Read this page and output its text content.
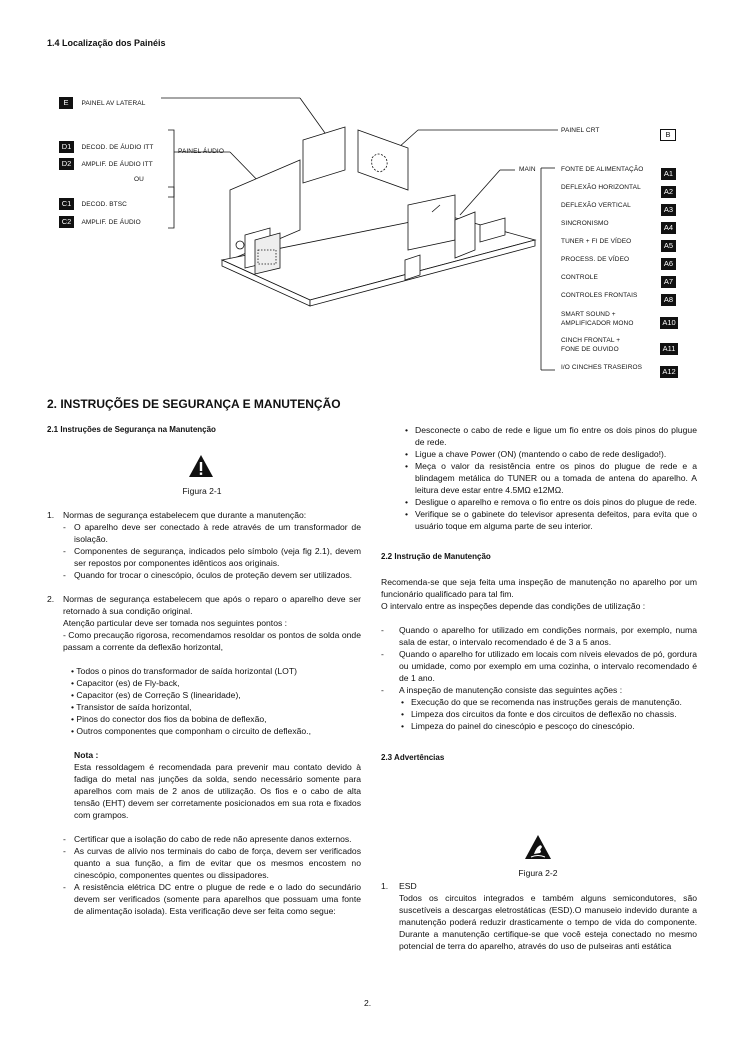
1.4 Localização dos Painéis
E PAINEL AV LATERAL
D1 DECOD. DE ÁUDIO ITT
D2 AMPLIF. DE ÁUDIO ITT
OU
C1 DECOD. BTSC
C2 AMPLIF. DE ÁUDIO
PAINEL ÁUDIO
PAINEL CRT	B
MAIN	FONTE DE ALIMENTAÇÃO	A1
DEFLEXÃO HORIZONTAL	A2
DEFLEXÃO VERTICAL	A3
SINCRONISMO	A4
TUNER + FI DE VÍDEO	A5
PROCESS. DE VÍDEO	A6
CONTROLE	A7
CONTROLES FRONTAIS	A8
SMART SOUND +
AMPLIFICADOR MONO	A10
CINCH FRONTAL +
FONE DE OUVIDO	A11
I/O CINCHES TRASEIROS	A12
2. INSTRUÇÕES DE SEGURANÇA E MANUTENÇÃO
2.1 Instruções de Segurança na Manutenção
Figura 2-1
1.	Normas de segurança estabelecem que durante a manutenção:

- O aparelho deve ser conectado à rede através de um transformador de isolação.
- Componentes de segurança, indicados pelo símbolo (veja fig 2.1), devem ser repostos por componentes idênticos aos originais.
- Quando for trocar o cinescópio, óculos de proteção devem ser utilizados.
2.	Normas de segurança estabelecem que após o reparo o aparelho deve ser retornado à sua condição original.

Atenção particular deve ser tomada nos seguintes pontos :

- Como precaução rigorosa, recomendamos resoldar os pontos de solda onde passam a corrente da deflexão horizontal,

• Todos o pinos do transformador de saída horizontal (LOT)
• Capacitor (es) de Fly-back,
• Capacitor (es) de Correção S (linearidade),
• Transistor de saída horizontal,
• Pinos do conector dos fios da bobina de deflexão,
• Outros componentes que componham o circuito de deflexão.,

Nota :

Esta ressoldagem é recomendada para prevenir mau contato devido à fadiga do metal nas junções da solda, sendo necessário somente para aparelhos com mais de 2 anos de utilização. Os fios e o cabo de alta tensão (EHT) devem ser corretamente posicionados em sua rota e fixados com grampos.

- Certificar que a isolação do cabo de rede não apresente danos externos.
- As curvas de alívio nos terminais do cabo de força, devem ser verificados quanto a sua função, a fim de evitar que os mesmos encostem no cinescópio, componentes quentes ou dissipadores.
- A resistência elétrica DC entre o plugue de rede e o lado do secundário devem ser verificados (somente para aparelhos que possuam uma fonte de alimentação isolada). Esta verificação deve ser feita como segue:
• Desconecte o cabo de rede e ligue um fio entre os dois pinos do plugue de rede.
• Ligue a chave Power (ON) (mantendo o cabo de rede desligado!).
• Meça o valor da resistência entre os pinos do plugue de rede e a blindagem metálica do TUNER ou a tomada de antena do aparelho. A leitura deve estar entre 4.5MΩ e12MΩ.
• Desligue o aparelho e remova o fio entre os dois pinos do plugue de rede.
• Verifique se o gabinete do televisor apresenta defeitos, para evita que o usuário toque em alguma parte de seu interior.
2.2 Instrução de Manutenção

Recomenda-se que seja feita uma inspeção de manutenção no aparelho por um funcionário qualificado para tal fim.

O intervalo entre as inspeções depende das condições de utilização :

-	Quando o aparelho for utilizado em condições normais, por exemplo, numa sala de estar, o intervalo recomendado é de 3 a 5 anos.
-	Quando o aparelho for utilizado em locais com níveis elevados de pó, gordura ou umidade, como por exemplo em uma cozinha, o intervalo recomendado é de 1 ano.
-	A inspeção de manutenção consiste das seguintes ações :
• Execução do que se recomenda nas instruções gerais de manutenção.
• Limpeza dos circuitos da fonte e dos circuitos de deflexão no chassis.
• Limpeza do painel do cinescópio e pescoço do cinescópio.
2.3 Advertências
Figura 2-2
1.	ESD

Todos os circuitos integrados e também alguns semicondutores, são suscetíveis a descargas eletrostáticas (ESD).O manuseio indevido durante a manutenção poderá reduzir drasticamente o tempo de vida do componente. Durante a manutenção certifique-se que você esteja conectado no mesmo potencial de terra do aparelho, através do uso de pulseiras anti estática

2.
